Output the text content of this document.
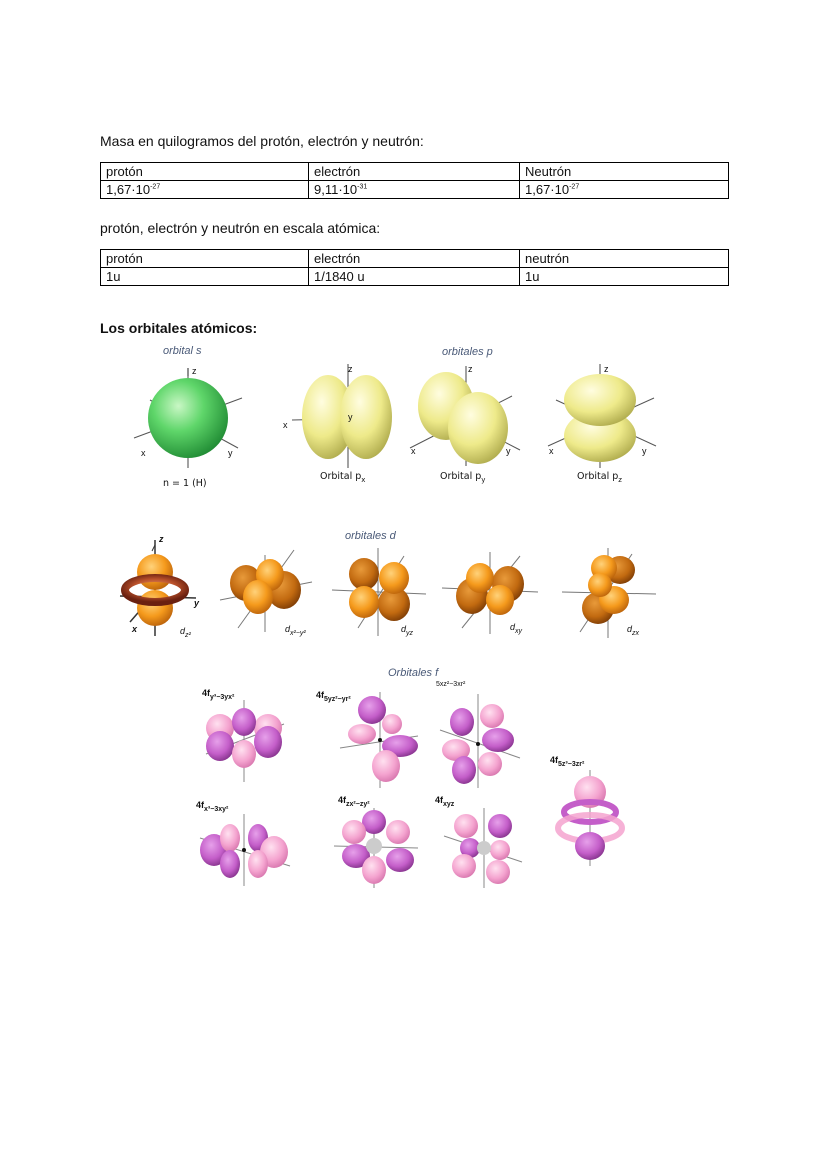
Masa en quilogramos del protón, electrón y neutrón:
protón	electrón	Neutrón
$1,67\cdot 10^{-27}$	$9,11\cdot 10^{-31}$	$1,67\cdot 10^{-27}$
protón, electrón y neutrón en escala atómica:
protón	electrón	neutrón
1u	1/1840 u	1u
Los orbitales atómicos:
orbital s	orbitales p
z
x	y
n = 1 (H)
z
y
x
z
x	y
z
x	y
Orbital $p_x$	Orbital $p_y$	Orbital $p_z$
orbitales d
z
y
x	$d_{z^2}$
$d_{x^2-y^2}$	$d_{yz}$
$d_{xy}$	$d_{zx}$
Orbitales f
$4f_{y^3-3yx^2}$	$4f_{5yz^2-yr^2}$
5xz²−3xr²
$4f_{5z^3-3zr^2}$
$4f_{x^3-3xy^2}$
$4f_{zx^2-zy^2}$	$4f_{xyz}$
